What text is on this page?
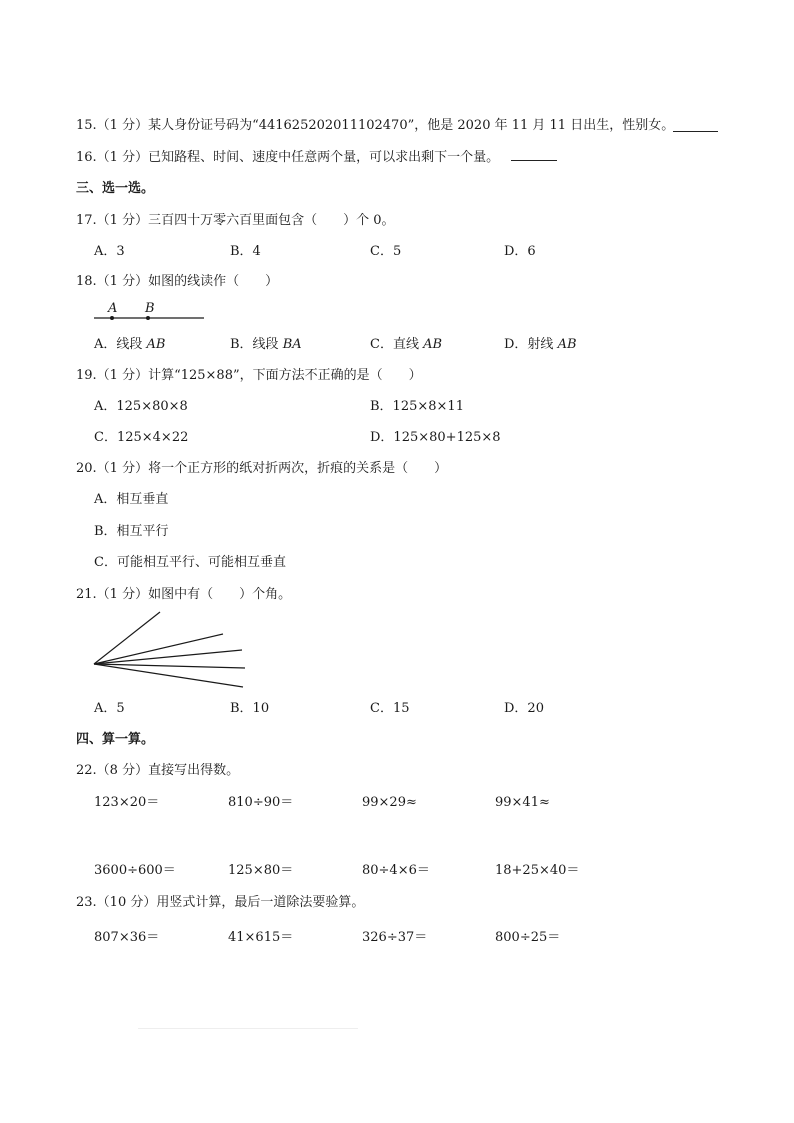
15.（1 分）某人身份证号码为“441625202011102470”，他是 2020 年 11 月 11 日出生，性别女。
16.（1 分）已知路程、时间、速度中任意两个量，可以求出剩下一个量。
三、选一选。
17.（1 分）三百四十万零六百里面包含（　　）个 0。
A．3	B．4	C．5	D．6
18.（1 分）如图的线读作（　　）
A B
A．线段 AB	B．线段 BA	C．直线 AB	D．射线 AB
19.（1 分）计算“125×88”，下面方法不正确的是（　　）
A．125×80×8	B．125×8×11
C．125×4×22	D．125×80+125×8
20.（1 分）将一个正方形的纸对折两次，折痕的关系是（　　）
A．相互垂直
B．相互平行
C．可能相互平行、可能相互垂直
21.（1 分）如图中有（　　）个角。
A．5	B．10	C．15	D．20
四、算一算。
22.（8 分）直接写出得数。
123×20＝	810÷90＝	99×29≈	99×41≈
3600÷600＝	125×80＝	80÷4×6＝	18+25×40＝
23.（10 分）用竖式计算，最后一道除法要验算。
807×36＝	41×615＝	326÷37＝	800÷25＝
